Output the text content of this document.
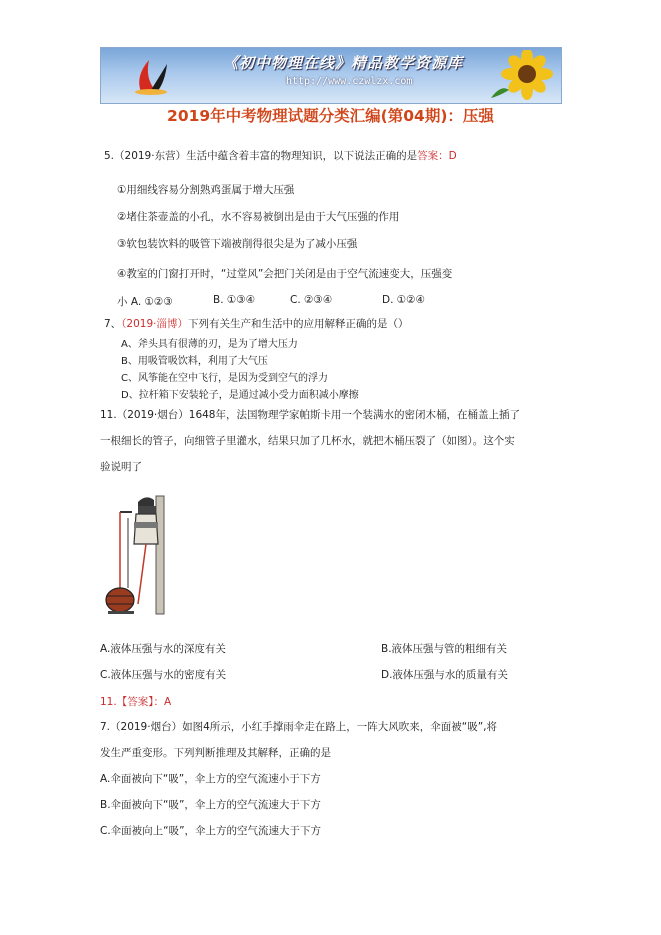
《初中物理在线》精品教学资源库
http://www.czwlzx.com
2019年中考物理试题分类汇编(第04期)：压强
5.（2019·东营）生活中蕴含着丰富的物理知识，以下说法正确的是答案：D
①用细线容易分割熟鸡蛋属于增大压强
②堵住茶壶盖的小孔，水不容易被倒出是由于大气压强的作用
③软包装饮料的吸管下端被削得很尖是为了减小压强
④教室的门窗打开时，“过堂风”会把门关闭是由于空气流速变大，压强变
小 A. ①②③	B. ①③④	C. ②③④	D. ①②④
7、（2019·淄博）下列有关生产和生活中的应用解释正确的是（）
A、斧头具有很薄的刃，是为了增大压力
B、用吸管吸饮料，利用了大气压
C、风筝能在空中飞行，是因为受到空气的浮力
D、拉杆箱下安装轮子，是通过减小受力面积减小摩擦
11.（2019·烟台）1648年，法国物理学家帕斯卡用一个装满水的密闭木桶，在桶盖上插了
一根细长的管子，向细管子里灌水，结果只加了几杯水，就把木桶压裂了（如图）。这个实
验说明了
A.液体压强与水的深度有关	B.液体压强与管的粗细有关
C.液体压强与水的密度有关	D.液体压强与水的质量有关
11.【答案】：A
7.（2019·烟台）如图4所示，小红手撑雨伞走在路上，一阵大风吹来，伞面被“吸”,将
发生严重变形。下列判断推理及其解释，正确的是
A.伞面被向下“吸”，伞上方的空气流速小于下方
B.伞面被向下“吸”，伞上方的空气流速大于下方
C.伞面被向上“吸”，伞上方的空气流速大于下方
